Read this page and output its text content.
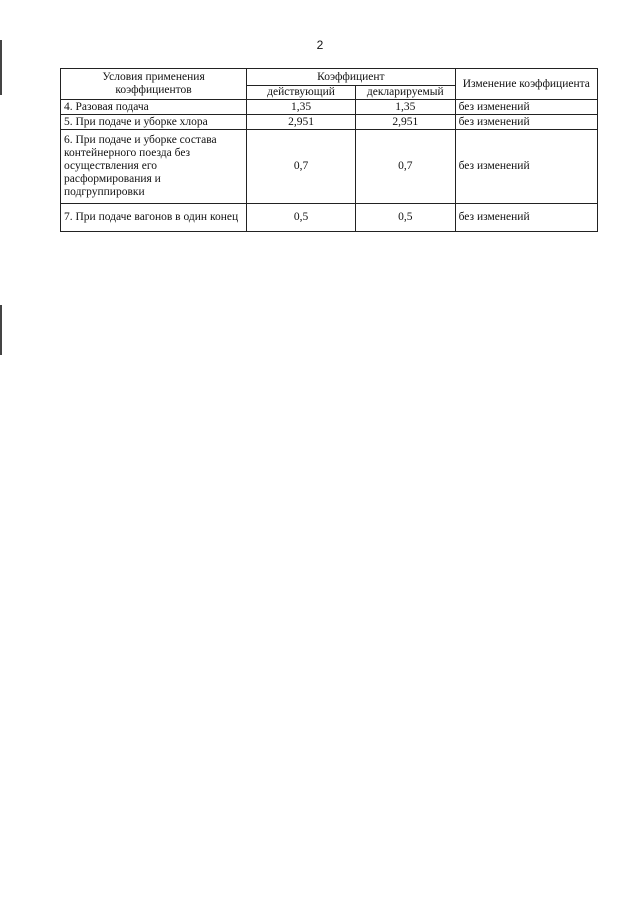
2
Условия применения коэффициентов	Коэффициент		Изменение коэффициента
	действующий	декларируемый	
4. Разовая подача	1,35	1,35	без изменений
5. При подаче и уборке хлора	2,951	2,951	без изменений
6. При подаче и уборке состава контейнерного поезда без осуществления его расформирования и подгруппировки	0,7	0,7	без изменений
7. При подаче вагонов в один конец	0,5	0,5	без изменений
